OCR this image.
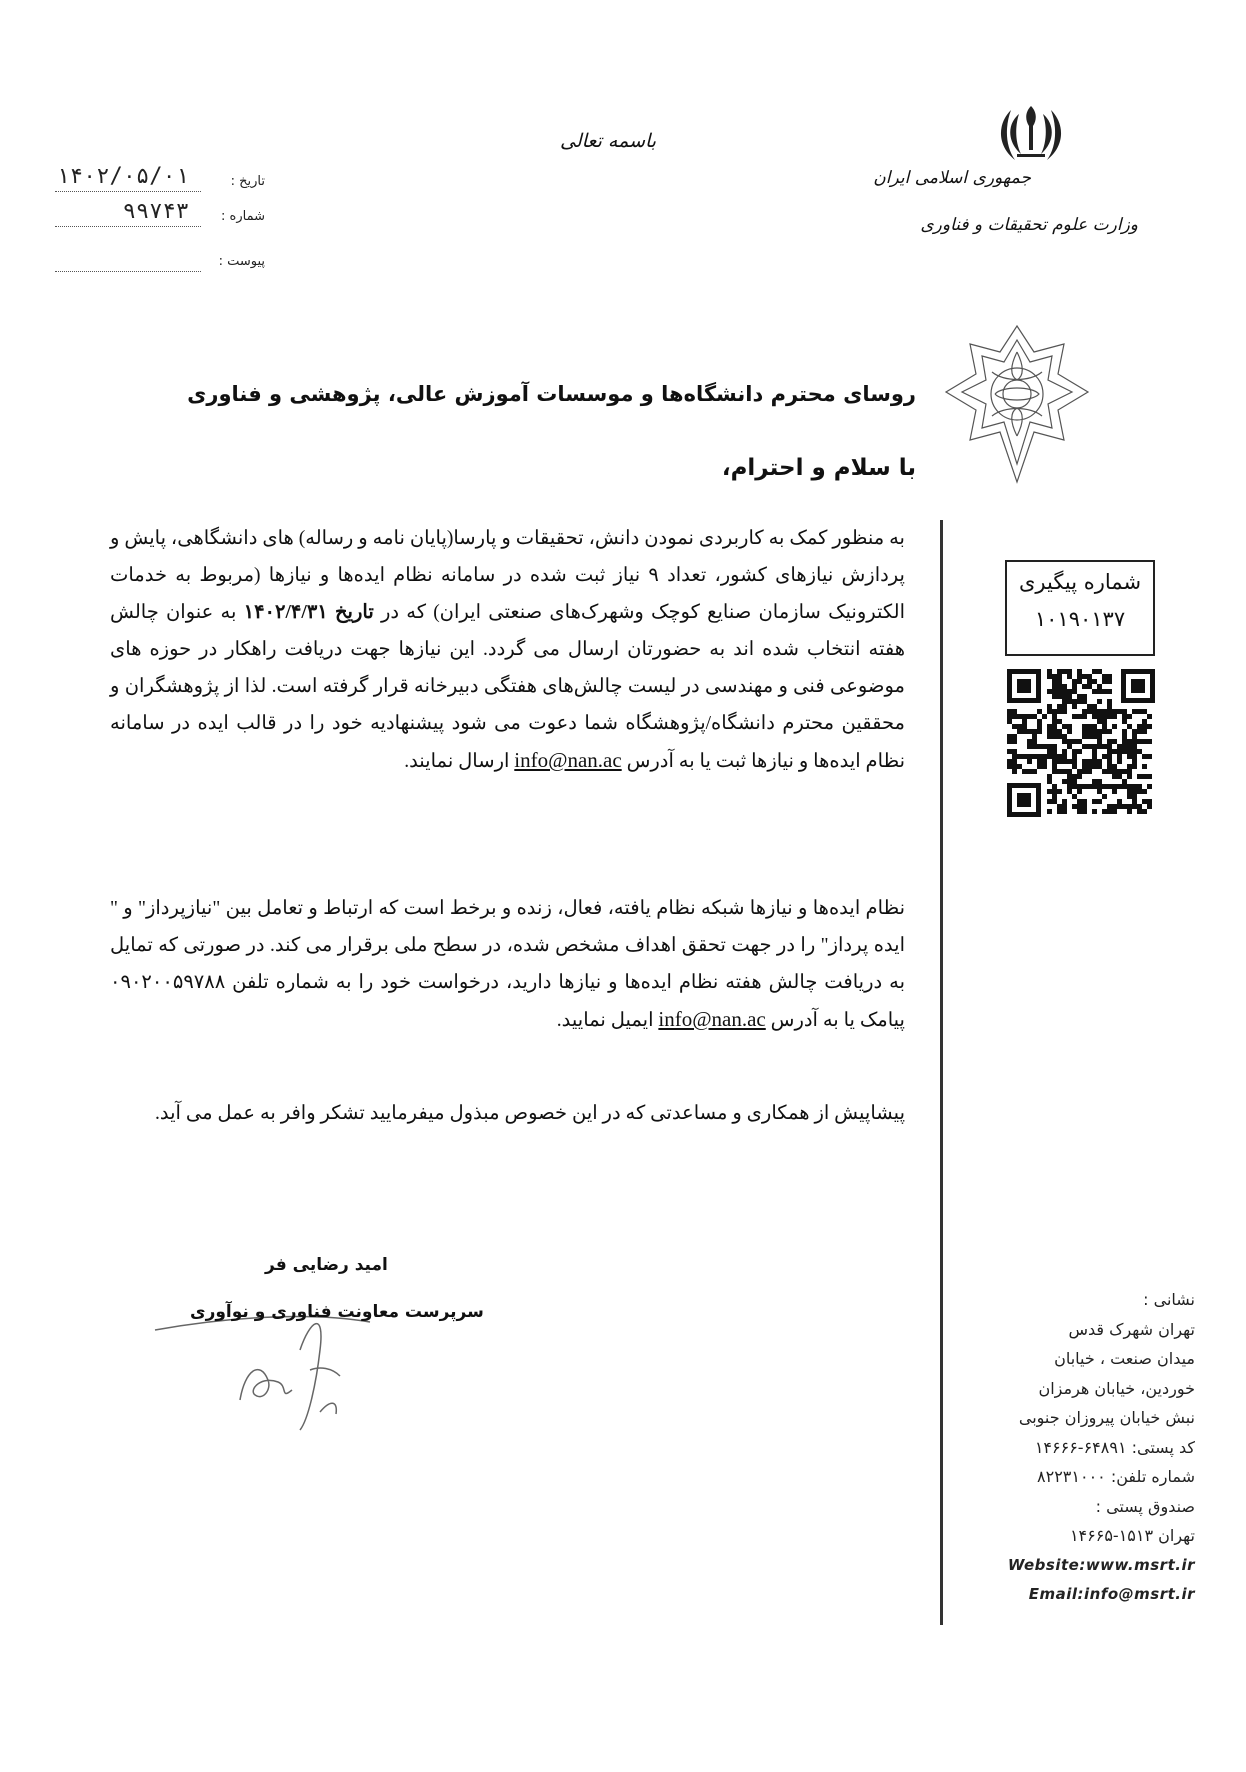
جمهوری اسلامی ایران
وزارت علوم تحقیقات و فناوری
باسمه تعالی
تاریخ :
۱۴۰۲/۰۵/۰۱
شماره :
۹۹۷۴۳
پیوست :
شماره پیگیری
۱۰۱۹۰۱۳۷
روسای محترم دانشگاه‌ها و موسسات آموزش عالی، پژوهشی و فناوری
با سلام و احترام،
به منظور کمک به کاربردی نمودن دانش، تحقیقات و پارسا(پایان نامه و رساله) های دانشگاهی، پایش و پردازش نیازهای کشور، تعداد ۹ نیاز ثبت شده در سامانه نظام ایده‌ها و نیازها (مربوط به خدمات الکترونیک سازمان صنایع کوچک وشهرک‌های صنعتی ایران) که در تاریخ ۱۴۰۲/۴/۳۱ به عنوان چالش هفته انتخاب شده اند به حضورتان ارسال می گردد. این نیازها جهت دریافت راهکار در حوزه های موضوعی فنی و مهندسی در لیست چالش‌های هفتگی دبیرخانه قرار گرفته است. لذا از پژوهشگران و محققین محترم دانشگاه/پژوهشگاه شما دعوت می شود پیشنهادیه خود را در قالب ایده در سامانه نظام ایده‌ها و نیازها ثبت یا به آدرس info@nan.ac ارسال نمایند.
نظام ایده‌ها و نیازها شبکه نظام یافته، فعال، زنده و برخط است که ارتباط و تعامل بین "نیازپرداز" و " ایده پرداز" را در جهت تحقق اهداف مشخص شده، در سطح ملی برقرار می کند. در صورتی که تمایل به دریافت چالش هفته نظام ایده‌ها و نیازها دارید، درخواست خود را به شماره تلفن ۰۹۰۲۰۰۵۹۷۸۸ پیامک یا به آدرس info@nan.ac ایمیل نمایید.
پیشاپیش از همکاری و مساعدتی که در این خصوص مبذول میفرمایید تشکر وافر به عمل می آید.
امید رضایی فر
سرپرست معاونت فناوری و نوآوری
نشانی :
تهران شهرک قدس
میدان صنعت ، خیابان
خوردین، خیابان هرمزان
نبش خیابان پیروزان جنوبی
کد پستی: ۶۴۸۹۱-۱۴۶۶۶
شماره تلفن: ۸۲۲۳۱۰۰۰
صندوق پستی :
تهران ۱۵۱۳-۱۴۶۶۵
Website:www.msrt.ir
Email:info@msrt.ir
